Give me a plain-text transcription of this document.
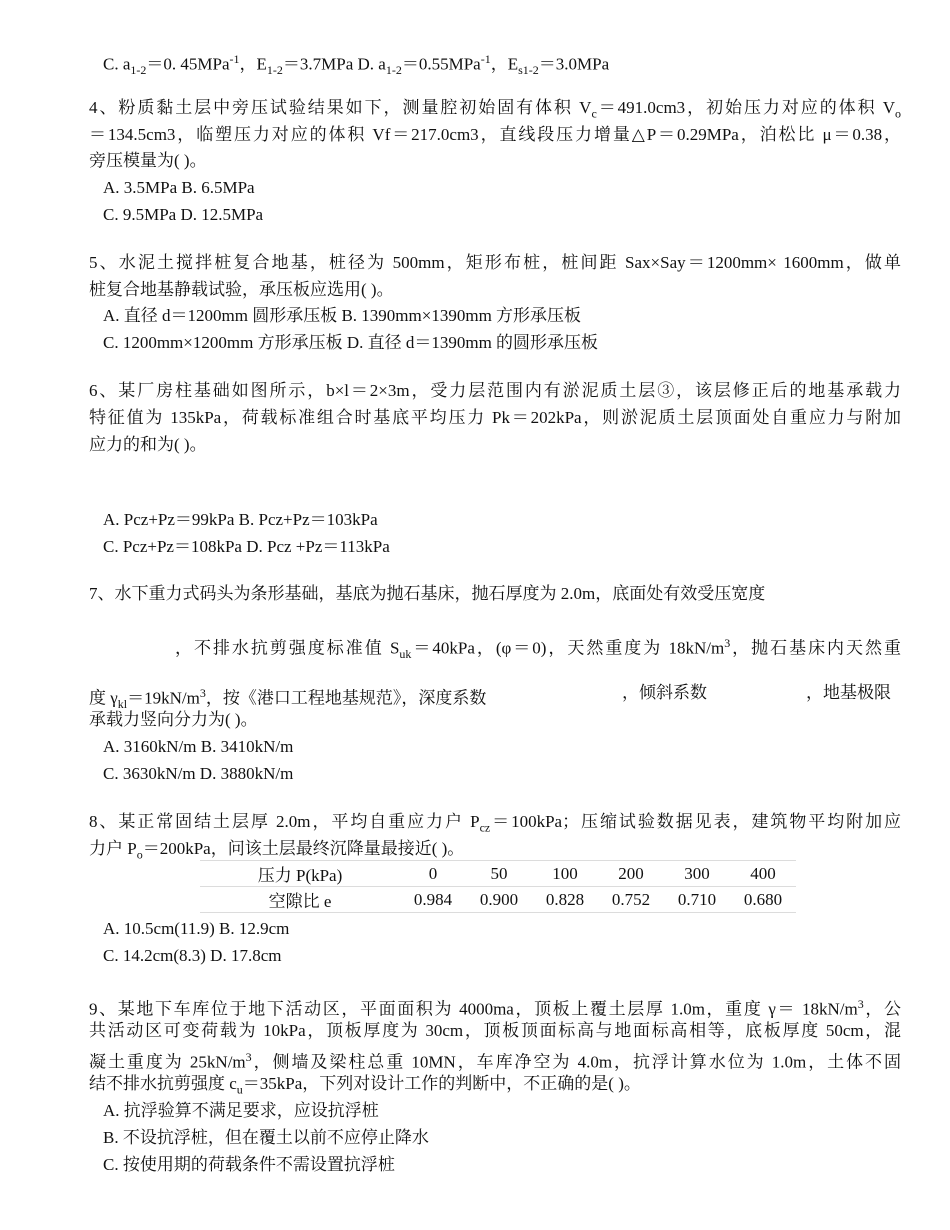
C. $a_{1-2}=0$. 45MPa$^{-1}$，$E_{1-2}=3.7MPa$ D. $a_{1-2}=0.55MPa^{-1}$，$E_{s1-2}=3.0MPa$
4、粉质黏土层中旁压试验结果如下，测量腔初始固有体积 $V_c=491.0cm3$，初始压力对应的体积 $V_o$
＝134.5cm3，临塑压力对应的体积 Vf＝217.0cm3，直线段压力增量△P＝0.29MPa，泊松比 μ＝0.38，
旁压模量为( )。
A. 3.5MPa B. 6.5MPa
C. 9.5MPa D. 12.5MPa
5、水泥土搅拌桩复合地基，桩径为 500mm，矩形布桩，桩间距 Sax×Say＝1200mm× 1600mm，做单
桩复合地基静载试验，承压板应选用( )。
A. 直径 d＝1200mm 圆形承压板 B. 1390mm×1390mm 方形承压板
C. 1200mm×1200mm 方形承压板 D. 直径 d＝1390mm 的圆形承压板
6、某厂房柱基础如图所示，b×l＝2×3m，受力层范围内有淤泥质土层③，该层修正后的地基承载力
特征值为 135kPa，荷载标准组合时基底平均压力 Pk＝202kPa，则淤泥质土层顶面处自重应力与附加
应力的和为( )。
A. Pcz+Pz＝99kPa B. Pcz+Pz＝103kPa
C. Pcz+Pz＝108kPa D. Pcz +Pz＝113kPa
7、水下重力式码头为条形基础，基底为抛石基床，抛石厚度为 2.0m，底面处有效受压宽度
，不排水抗剪强度标准值 $S_{uk}=40kPa$，(φ＝0)，天然重度为 $18kN/m^3$，抛石基床内天然重
度 $\gamma_{kl}=19kN/m^3$，按《港口工程地基规范》，深度系数	，倾斜系数	，地基极限
承载力竖向分力为( )。
A. 3160kN/m B. 3410kN/m
C. 3630kN/m D. 3880kN/m
8、某正常固结土层厚 2.0m，平均自重应力户 $P_{cz}=100kPa$；压缩试验数据见表，建筑物平均附加应
力户 $P_o=200kPa$，问该土层最终沉降量最接近( )。
压力 P(kPa)	0	50	100	200	300	400
空隙比 e	0.984	0.900	0.828	0.752	0.710	0.680
A. 10.5cm(11.9) B. 12.9cm
C. 14.2cm(8.3) D. 17.8cm
9、某地下车库位于地下活动区，平面面积为 4000ma，顶板上覆土层厚 1.0m，重度 $\gamma= 18kN/m^3$，公
共活动区可变荷载为 10kPa，顶板厚度为 30cm，顶板顶面标高与地面标高相等，底板厚度 50cm，混
凝土重度为 $25kN/m^3$，侧墙及梁柱总重 10MN，车库净空为 4.0m，抗浮计算水位为 1.0m，土体不固
结不排水抗剪强度 $c_u=35kPa$，下列对设计工作的判断中，不正确的是( )。
A. 抗浮验算不满足要求，应设抗浮桩
B. 不设抗浮桩，但在覆土以前不应停止降水
C. 按使用期的荷载条件不需设置抗浮桩
